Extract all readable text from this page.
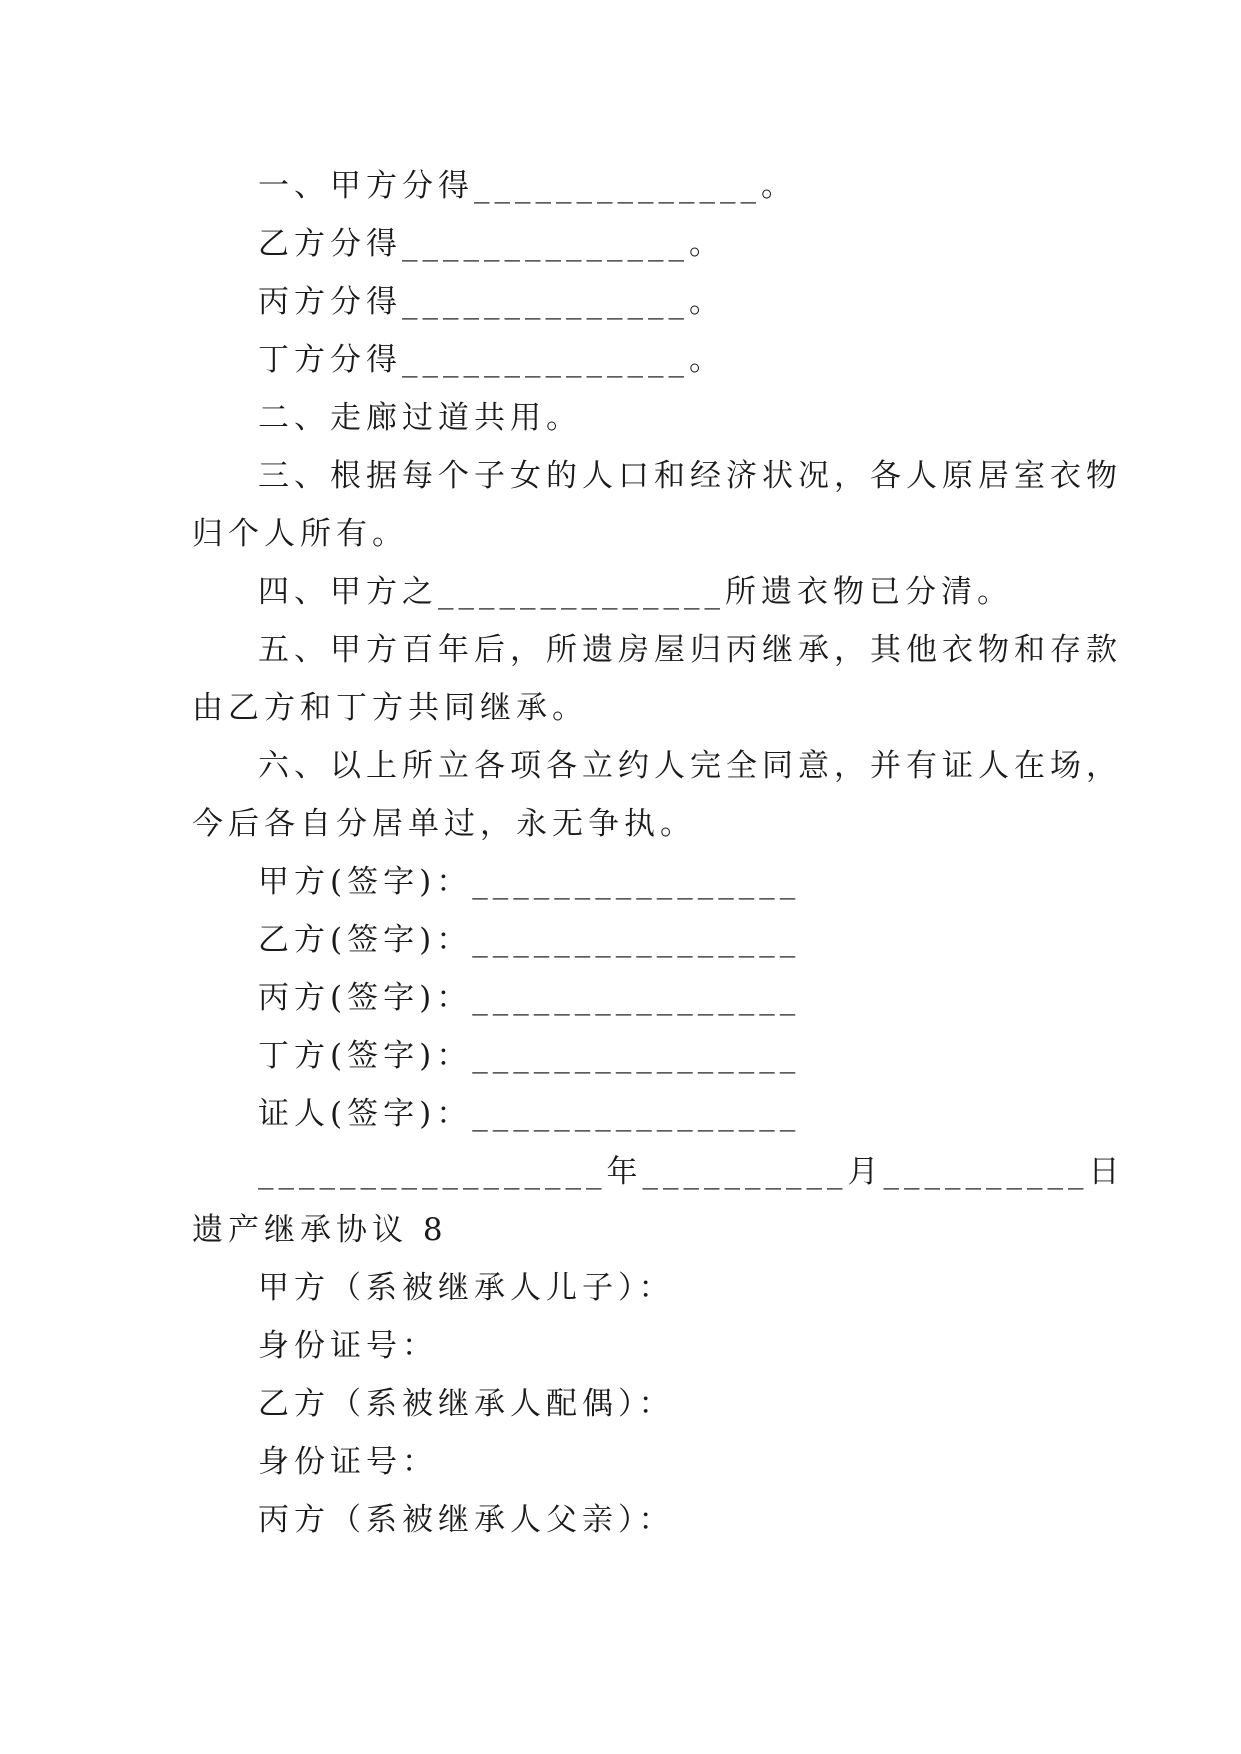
一、甲方分得______________。
乙方分得______________。
丙方分得______________。
丁方分得______________。
二、走廊过道共用。
三、根据每个子女的人口和经济状况，各人原居室衣物
归个人所有。
四、甲方之______________所遗衣物已分清。
五、甲方百年后，所遗房屋归丙继承，其他衣物和存款
由乙方和丁方共同继承。
六、以上所立各项各立约人完全同意，并有证人在场，
今后各自分居单过，永无争执。
甲方(签字)：________________
乙方(签字)：________________
丙方(签字)：________________
丁方(签字)：________________
证人(签字)：________________
_________________年__________月__________日
遗产继承协议 8
甲方（系被继承人儿子）：
身份证号：
乙方（系被继承人配偶）：
身份证号：
丙方（系被继承人父亲）：
